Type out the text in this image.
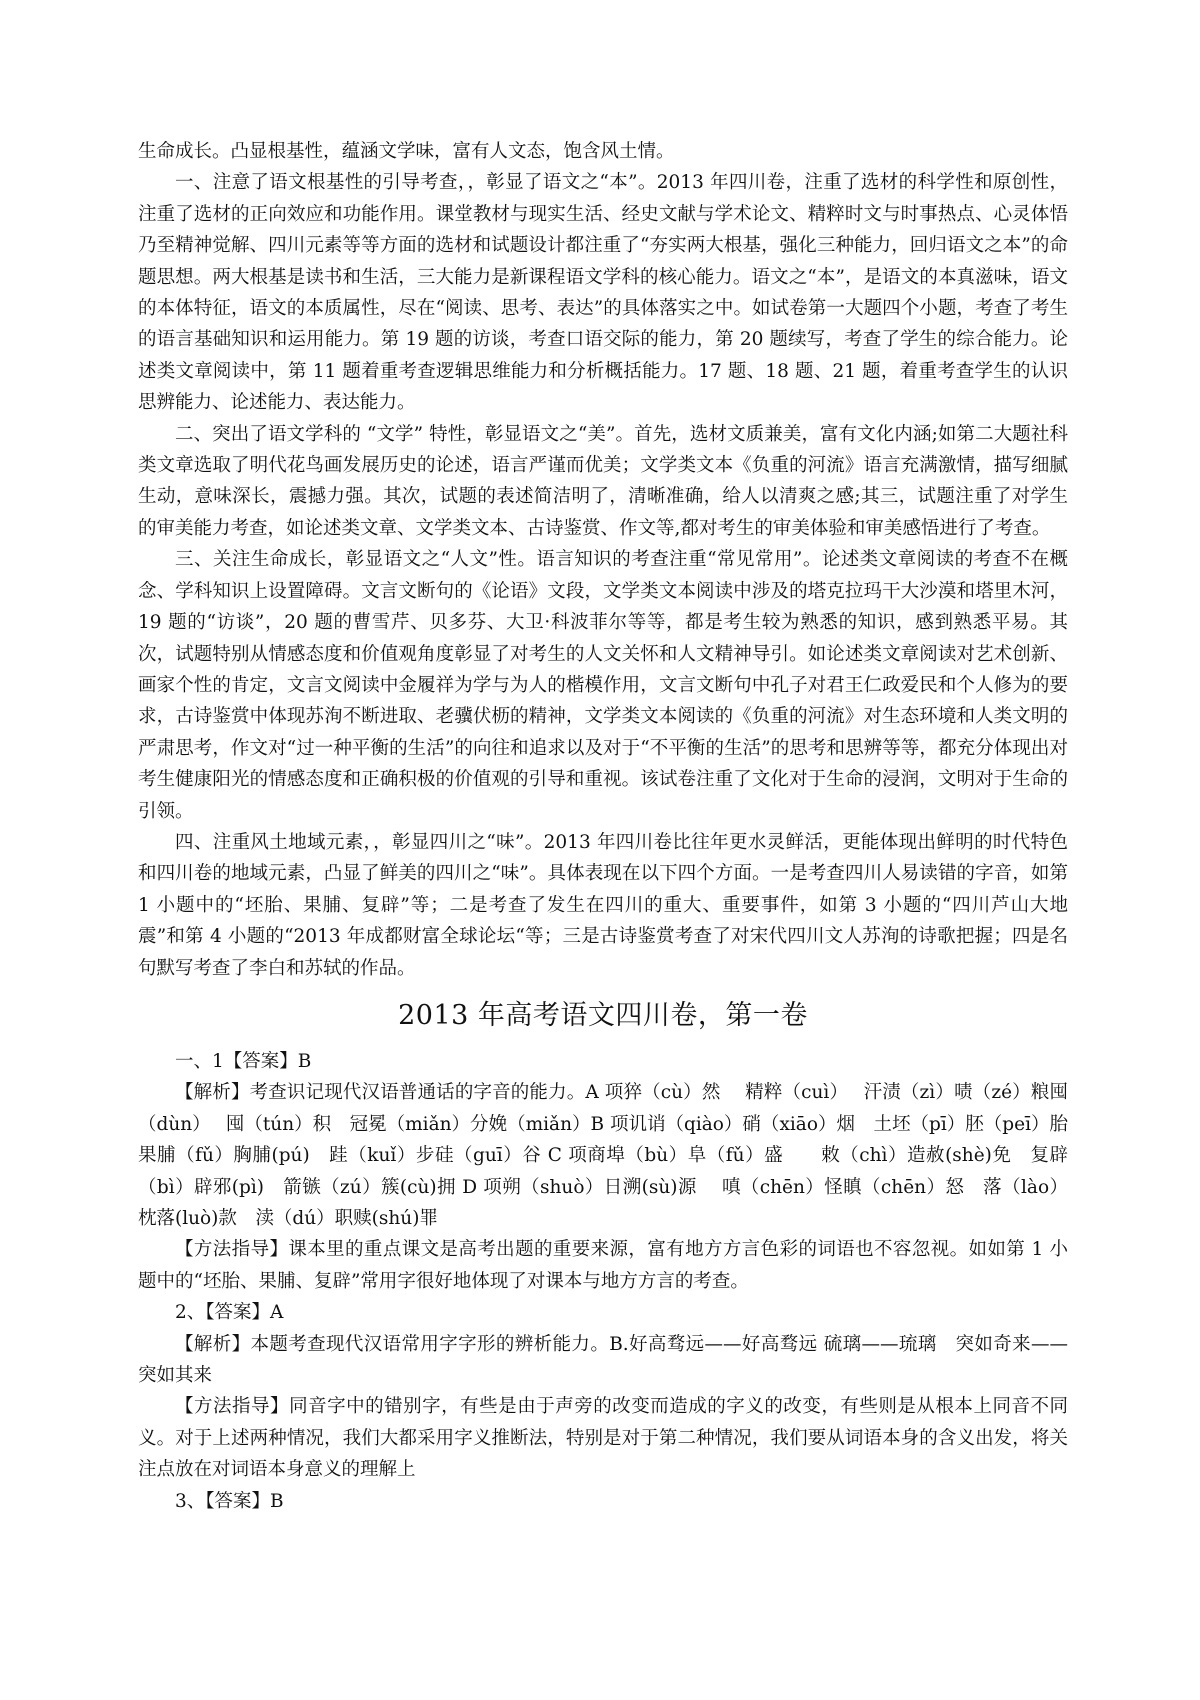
生命成长。凸显根基性，蕴涵文学味，富有人文态，饱含风土情。

一、注意了语文根基性的引导考查，，彰显了语文之“本”。2013 年四川卷，注重了选材的科学性和原创性，注重了选材的正向效应和功能作用。课堂教材与现实生活、经史文献与学术论文、精粹时文与时事热点、心灵体悟乃至精神觉解、四川元素等等方面的选材和试题设计都注重了“夯实两大根基，强化三种能力，回归语文之本”的命题思想。两大根基是读书和生活，三大能力是新课程语文学科的核心能力。语文之“本”，是语文的本真滋味，语文的本体特征，语文的本质属性，尽在“阅读、思考、表达”的具体落实之中。如试卷第一大题四个小题，考查了考生的语言基础知识和运用能力。第 19 题的访谈，考查口语交际的能力，第 20 题续写，考查了学生的综合能力。论述类文章阅读中，第 11 题着重考查逻辑思维能力和分析概括能力。17 题、18 题、21 题，着重考查学生的认识思辨能力、论述能力、表达能力。

二、突出了语文学科的 “文学” 特性，彰显语文之“美”。首先，选材文质兼美，富有文化内涵;如第二大题社科类文章选取了明代花鸟画发展历史的论述，语言严谨而优美；文学类文本《负重的河流》语言充满激情，描写细腻生动，意味深长，震撼力强。其次，试题的表述简洁明了，清晰准确，给人以清爽之感;其三，试题注重了对学生的审美能力考查，如论述类文章、文学类文本、古诗鉴赏、作文等,都对考生的审美体验和审美感悟进行了考查。

三、关注生命成长，彰显语文之“人文”性。语言知识的考查注重“常见常用”。论述类文章阅读的考查不在概念、学科知识上设置障碍。文言文断句的《论语》文段，文学类文本阅读中涉及的塔克拉玛干大沙漠和塔里木河，19 题的“访谈”，20 题的曹雪芹、贝多芬、大卫·科波菲尔等等，都是考生较为熟悉的知识，感到熟悉平易。其次，试题特别从情感态度和价值观角度彰显了对考生的人文关怀和人文精神导引。如论述类文章阅读对艺术创新、画家个性的肯定，文言文阅读中金履祥为学与为人的楷模作用，文言文断句中孔子对君王仁政爱民和个人修为的要求，古诗鉴赏中体现苏洵不断进取、老骥伏枥的精神，文学类文本阅读的《负重的河流》对生态环境和人类文明的严肃思考，作文对“过一种平衡的生活”的向往和追求以及对于“不平衡的生活”的思考和思辨等等，都充分体现出对考生健康阳光的情感态度和正确积极的价值观的引导和重视。该试卷注重了文化对于生命的浸润，文明对于生命的引领。

四、注重风土地域元素，，彰显四川之“味”。2013 年四川卷比往年更水灵鲜活，更能体现出鲜明的时代特色和四川卷的地域元素，凸显了鲜美的四川之“味”。具体表现在以下四个方面。一是考查四川人易读错的字音，如第 1 小题中的“坯胎、果脯、复辟”等；二是考查了发生在四川的重大、重要事件，如第 3 小题的“四川芦山大地震”和第 4 小题的“2013 年成都财富全球论坛“等；三是古诗鉴赏考查了对宋代四川文人苏洵的诗歌把握；四是名句默写考查了李白和苏轼的作品。

2013 年高考语文四川卷，第一卷

一、1【答案】B

【解析】考查识记现代汉语普通话的字音的能力。A 项猝（cù）然 　精粹（cuì）　 汗渍（zì）啧（zé）粮囤（dùn）　 囤（tún）积　冠冕（miǎn）分娩（miǎn）B 项讥诮（qiào）硝（xiāo）烟　土坯（pī）胚（peī）胎　果脯（fǔ）胸脯(pú)　跬（kuǐ）步硅（guī）谷 C 项商埠（bù）阜（fǔ）盛　　敕（chì）造赦(shè)免　复辟（bì）辟邪(pì)　箭镞（zú）簇(cù)拥 D 项朔（shuò）日溯(sù)源　 嗔（chēn）怪瞋（chēn）怒　落（lào）枕落(luò)款　渎（dú）职赎(shú)罪

【方法指导】课本里的重点课文是高考出题的重要来源，富有地方方言色彩的词语也不容忽视。如如第 1 小题中的“坯胎、果脯、复辟”常用字很好地体现了对课本与地方方言的考查。

2、【答案】A

【解析】本题考查现代汉语常用字字形的辨析能力。B.好高骛远——好高骛远 硫璃——琉璃　突如奇来——突如其来

【方法指导】同音字中的错别字，有些是由于声旁的改变而造成的字义的改变，有些则是从根本上同音不同义。对于上述两种情况，我们大都采用字义推断法，特别是对于第二种情况，我们要从词语本身的含义出发，将关注点放在对词语本身意义的理解上

3、【答案】B
